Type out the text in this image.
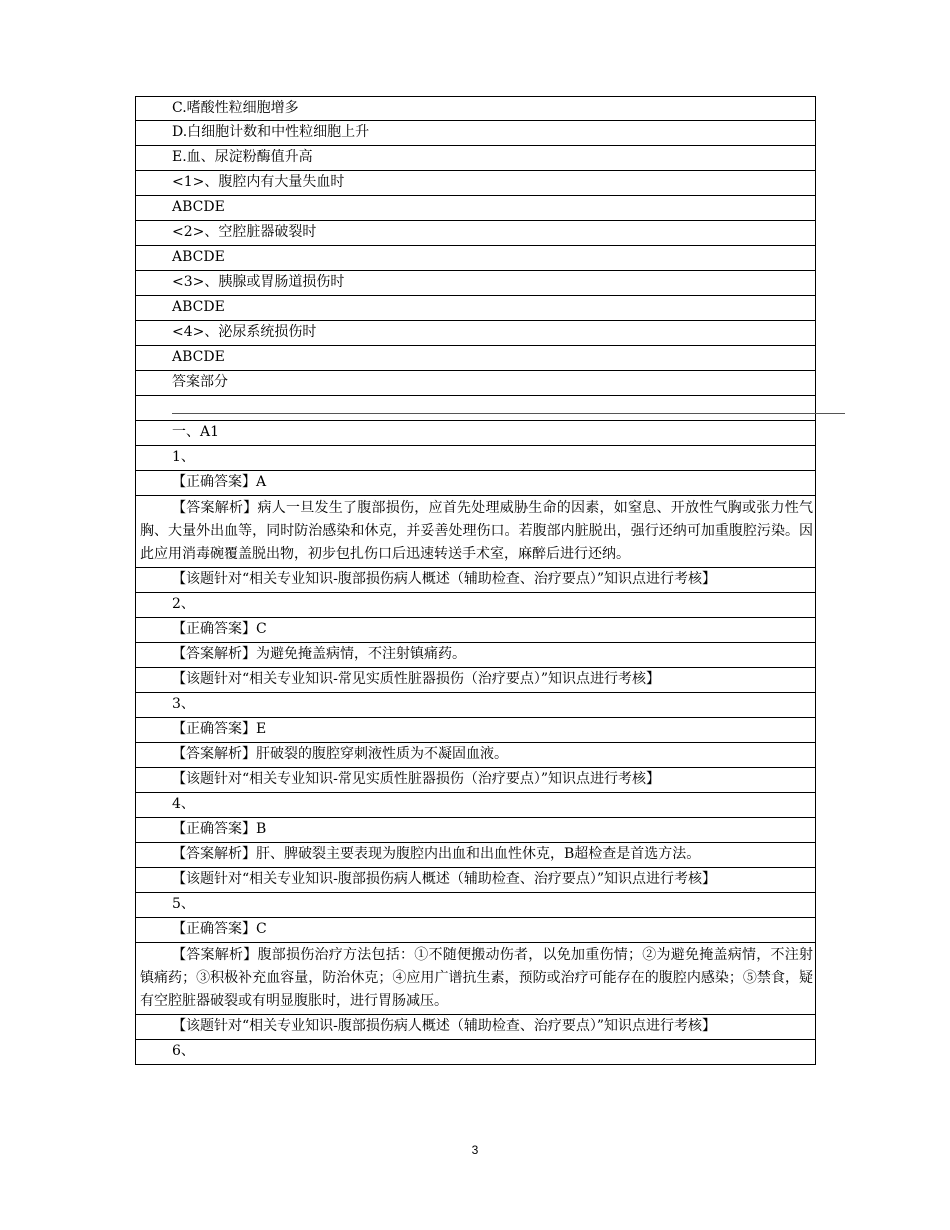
C.嗜酸性粒细胞增多
D.白细胞计数和中性粒细胞上升
E.血、尿淀粉酶值升高
<1>、腹腔内有大量失血时
ABCDE
<2>、空腔脏器破裂时
ABCDE
<3>、胰腺或胃肠道损伤时
ABCDE
<4>、泌尿系统损伤时
ABCDE
答案部分
一、A1
1、
【正确答案】A
【答案解析】病人一旦发生了腹部损伤，应首先处理威胁生命的因素，如窒息、开放性气胸或张力性气胸、大量外出血等，同时防治感染和休克，并妥善处理伤口。若腹部内脏脱出，强行还纳可加重腹腔污染。因此应用消毒碗覆盖脱出物，初步包扎伤口后迅速转送手术室，麻醉后进行还纳。
【该题针对“相关专业知识-腹部损伤病人概述（辅助检查、治疗要点）”知识点进行考核】
2、
【正确答案】C
【答案解析】为避免掩盖病情，不注射镇痛药。
【该题针对“相关专业知识-常见实质性脏器损伤（治疗要点）”知识点进行考核】
3、
【正确答案】E
【答案解析】肝破裂的腹腔穿刺液性质为不凝固血液。
【该题针对“相关专业知识-常见实质性脏器损伤（治疗要点）”知识点进行考核】
4、
【正确答案】B
【答案解析】肝、脾破裂主要表现为腹腔内出血和出血性休克，B超检查是首选方法。
【该题针对“相关专业知识-腹部损伤病人概述（辅助检查、治疗要点）”知识点进行考核】
5、
【正确答案】C
【答案解析】腹部损伤治疗方法包括：①不随便搬动伤者，以免加重伤情；②为避免掩盖病情，不注射镇痛药；③积极补充血容量，防治休克；④应用广谱抗生素，预防或治疗可能存在的腹腔内感染；⑤禁食，疑有空腔脏器破裂或有明显腹胀时，进行胃肠减压。
【该题针对“相关专业知识-腹部损伤病人概述（辅助检查、治疗要点）”知识点进行考核】
6、
3
